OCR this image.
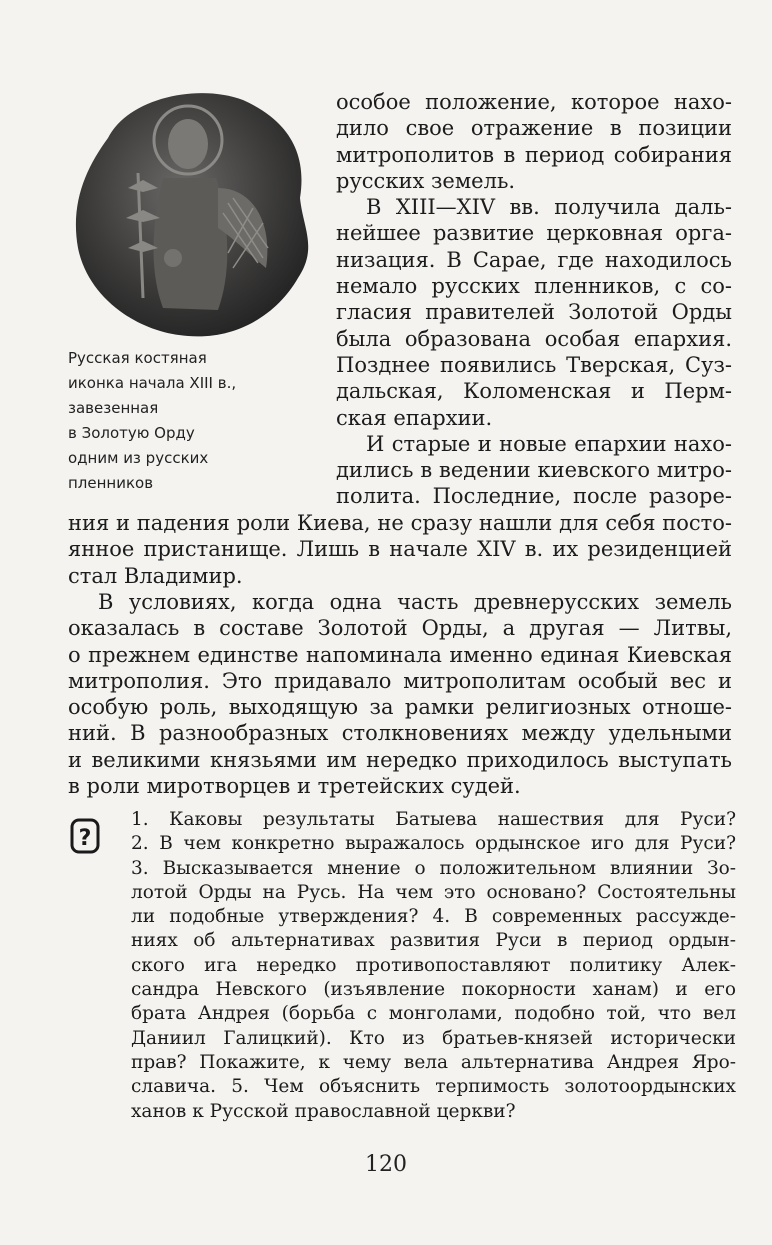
Русская костяная
иконка начала XIII в.,
завезенная
в Золотую Орду
одним из русских
пленников
особое положение, которое нахо-
дило свое отражение в позиции
митрополитов в период собирания
русских земель.
В XIII—XIV вв. получила даль-
нейшее развитие церковная орга-
низация. В Сарае, где находилось
немало русских пленников, с со-
гласия правителей Золотой Орды
была образована особая епархия.
Позднее появились Тверская, Суз-
дальская, Коломенская и Перм-
ская епархии.
И старые и новые епархии нахо-
дились в ведении киевского митро-
полита. Последние, после разоре-
ния и падения роли Киева, не сразу нашли для себя посто-
янное пристанище. Лишь в начале XIV в. их резиденцией
стал Владимир.
В условиях, когда одна часть древнерусских земель
оказалась в составе Золотой Орды, а другая — Литвы,
о прежнем единстве напоминала именно единая Киевская
митрополия. Это придавало митрополитам особый вес и
особую роль, выходящую за рамки религиозных отноше-
ний. В разнообразных столкновениях между удельными
и великими князьями им нередко приходилось выступать
в роли миротворцев и третейских судей.
?
1. Каковы результаты Батыева нашествия для Руси?
2. В чем конкретно выражалось ордынское иго для Руси?
3. Высказывается мнение о положительном влиянии Зо-
лотой Орды на Русь. На чем это основано? Состоятельны
ли подобные утверждения? 4. В современных рассужде-
ниях об альтернативах развития Руси в период ордын-
ского ига нередко противопоставляют политику Алек-
сандра Невского (изъявление покорности ханам) и его
брата Андрея (борьба с монголами, подобно той, что вел
Даниил Галицкий). Кто из братьев-князей исторически
прав? Покажите, к чему вела альтернатива Андрея Яро-
славича. 5. Чем объяснить терпимость золотоордынских
ханов к Русской православной церкви?
120
